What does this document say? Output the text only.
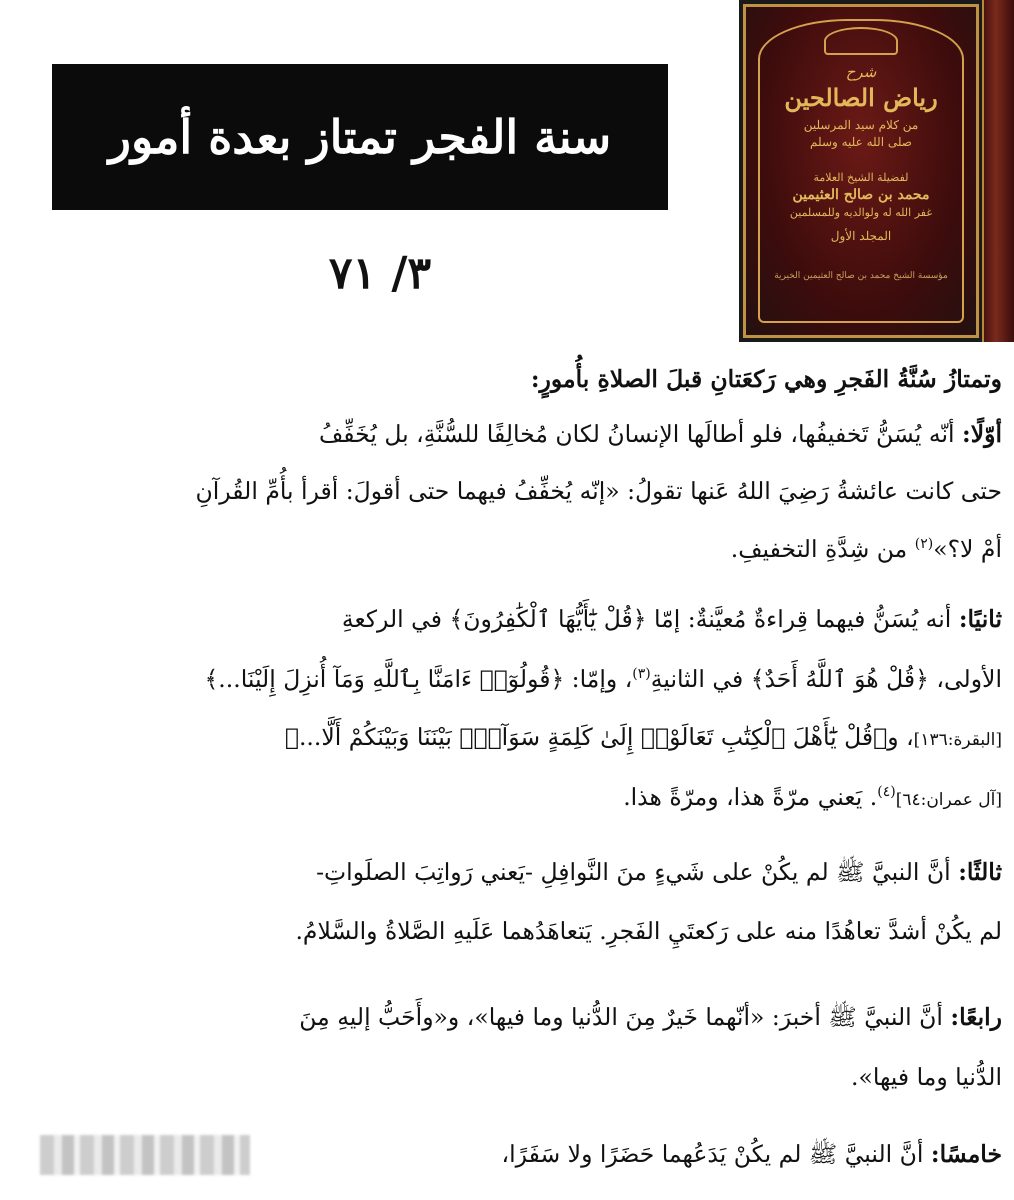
سنة الفجر تمتاز بعدة أمور
٣/ ٧١
شرح
رياض الصالحين
من كلام سيد المرسلين
صلى الله عليه وسلم
لفضيلة الشيخ العلامة
محمد بن صالح العثيمين
غفر الله له ولوالديه وللمسلمين
المجلد الأول
مؤسسة الشيخ محمد بن صالح العثيمين الخيرية
وتمتازُ سُنَّةُ الفَجرِ وهي رَكعَتانِ قبلَ الصلاةِ بأُمورٍ:
أوّلًا: أنّه يُسَنُّ تَخفيفُها، فلو أطالَها الإنسانُ لكان مُخالِفًا للسُّنَّةِ، بل يُخَفِّفُ
حتى كانت عائشةُ رَضِيَ اللهُ عَنها تقولُ: «إنّه يُخفِّفُ فيهما حتى أقولَ: أقرأ بأُمِّ القُرآنِ
أمْ لا؟»$^{(٢)}$ من شِدَّةِ التخفيفِ.
ثانيًا: أنه يُسَنُّ فيهما قِراءةٌ مُعيَّنةٌ: إمّا ﴿قُلْ يَٰٓأَيُّهَا ٱلْكَٰفِرُونَ﴾ في الركعةِ
الأولى، ﴿قُلْ هُوَ ٱللَّهُ أَحَدٌ﴾ في الثانيةِ$^{(٣)}$، وإمّا: ﴿قُولُوٓا۟ ءَامَنَّا بِٱللَّهِ وَمَآ أُنزِلَ إِلَيْنَا...﴾
[البقرة:١٣٦]، و﴿قُلْ يَٰٓأَهْلَ ٱلْكِتَٰبِ تَعَالَوْا۟ إِلَىٰ كَلِمَةٍ سَوَآءٍۭ بَيْنَنَا وَبَيْنَكُمْ أَلَّا...﴾
[آل عمران:٦٤]$^{(٤)}$. يَعني مرّةً هذا، ومرّةً هذا.
ثالثًا: أنَّ النبيَّ ﷺ لم يكُنْ على شَيءٍ منَ النَّوافِلِ -يَعني رَواتِبَ الصلَواتِ-
لم يكُنْ أشدَّ تعاهُدًا منه على رَكعتَيِ الفَجرِ. يَتعاهَدُهما عَلَيهِ الصَّلاةُ والسَّلامُ.
رابعًا: أنَّ النبيَّ ﷺ أخبرَ: «أنّهما خَيرٌ مِنَ الدُّنيا وما فيها»، و«وأَحَبُّ إليهِ مِنَ
الدُّنيا وما فيها».
خامسًا: أنَّ النبيَّ ﷺ لم يكُنْ يَدَعُهما حَضَرًا ولا سَفَرًا،
